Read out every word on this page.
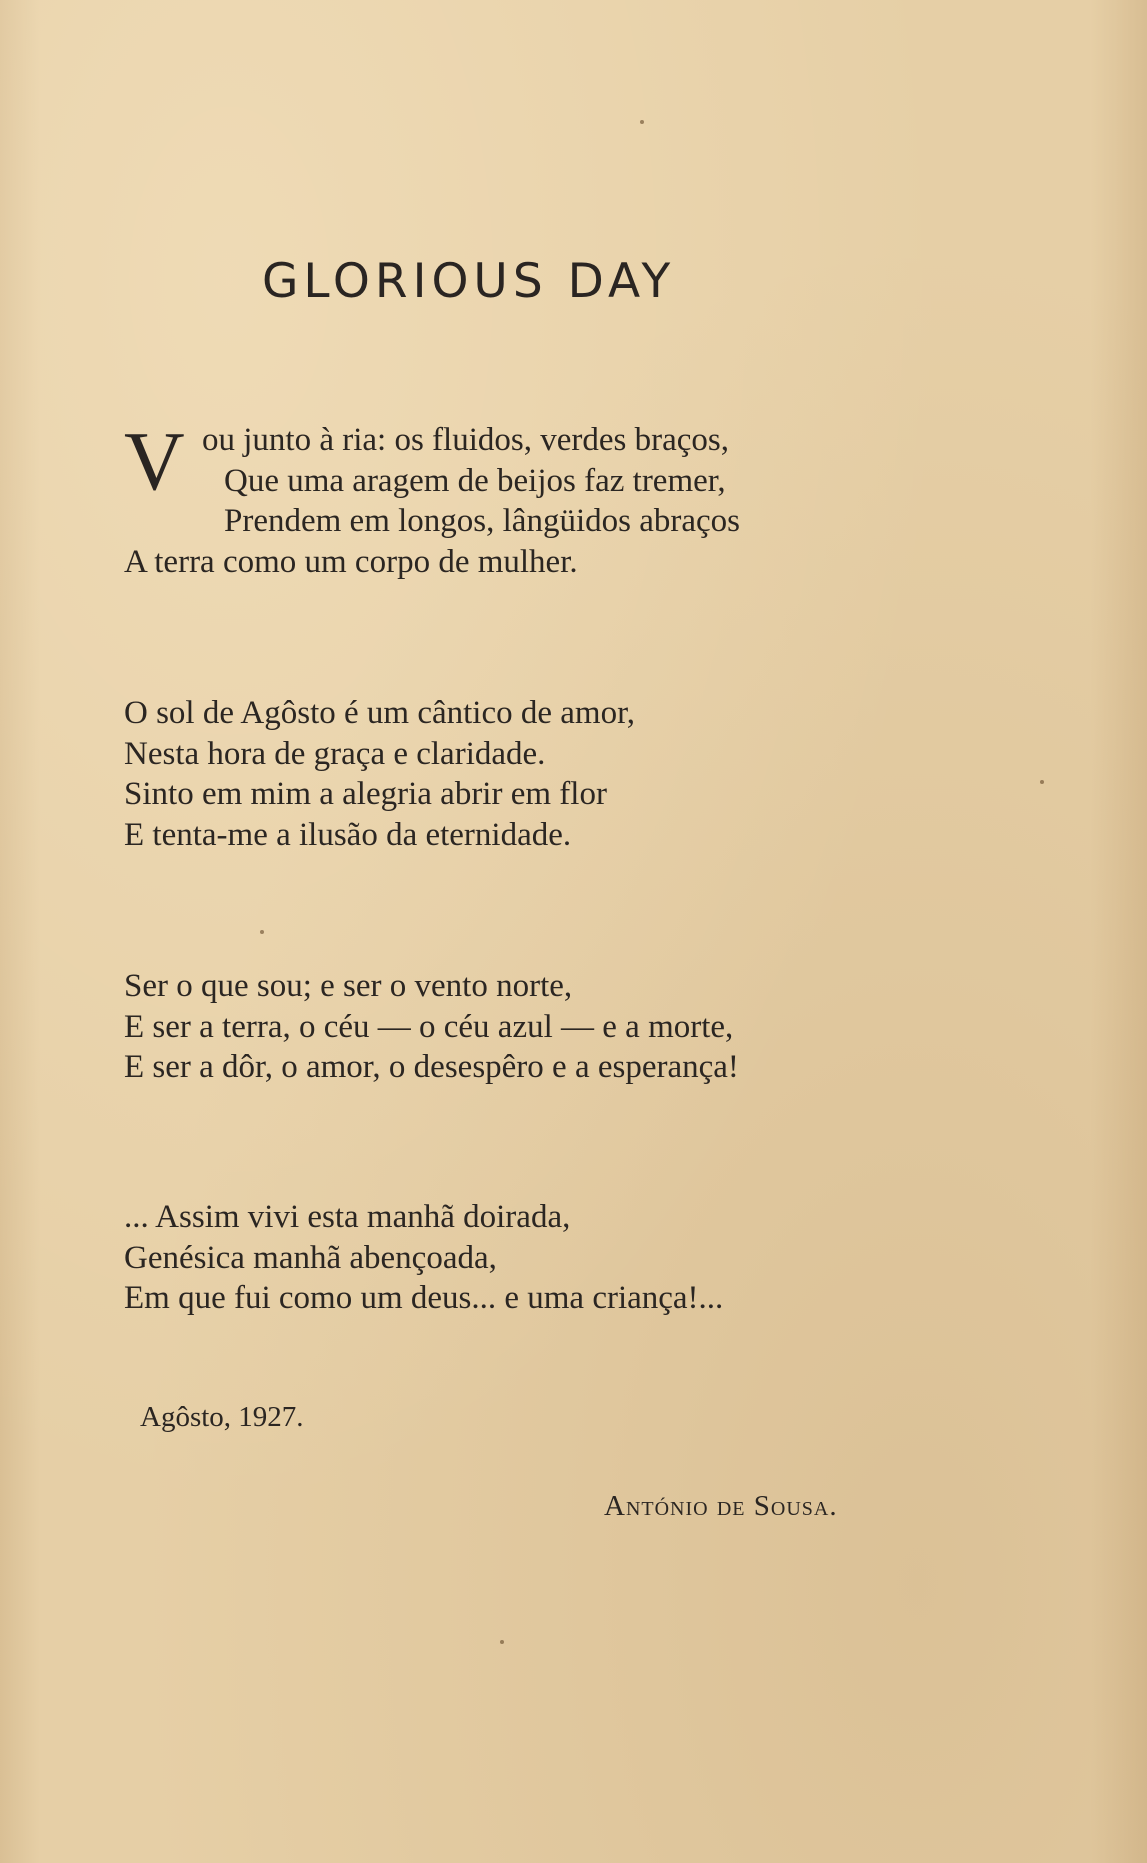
GLORIOUS DAY
V ou junto à ria: os fluidos, verdes braços,
Que uma aragem de beijos faz tremer,
Prendem em longos, lângüidos abraços
A terra como um corpo de mulher.
O sol de Agôsto é um cântico de amor,
Nesta hora de graça e claridade.
Sinto em mim a alegria abrir em flor
E tenta-me a ilusão da eternidade.
Ser o que sou; e ser o vento norte,
E ser a terra, o céu — o céu azul — e a morte,
E ser a dôr, o amor, o desespêro e a esperança!
... Assim vivi esta manhã doirada,
Genésica manhã abençoada,
Em que fui como um deus... e uma criança!...
Agôsto, 1927.
António de Sousa.
